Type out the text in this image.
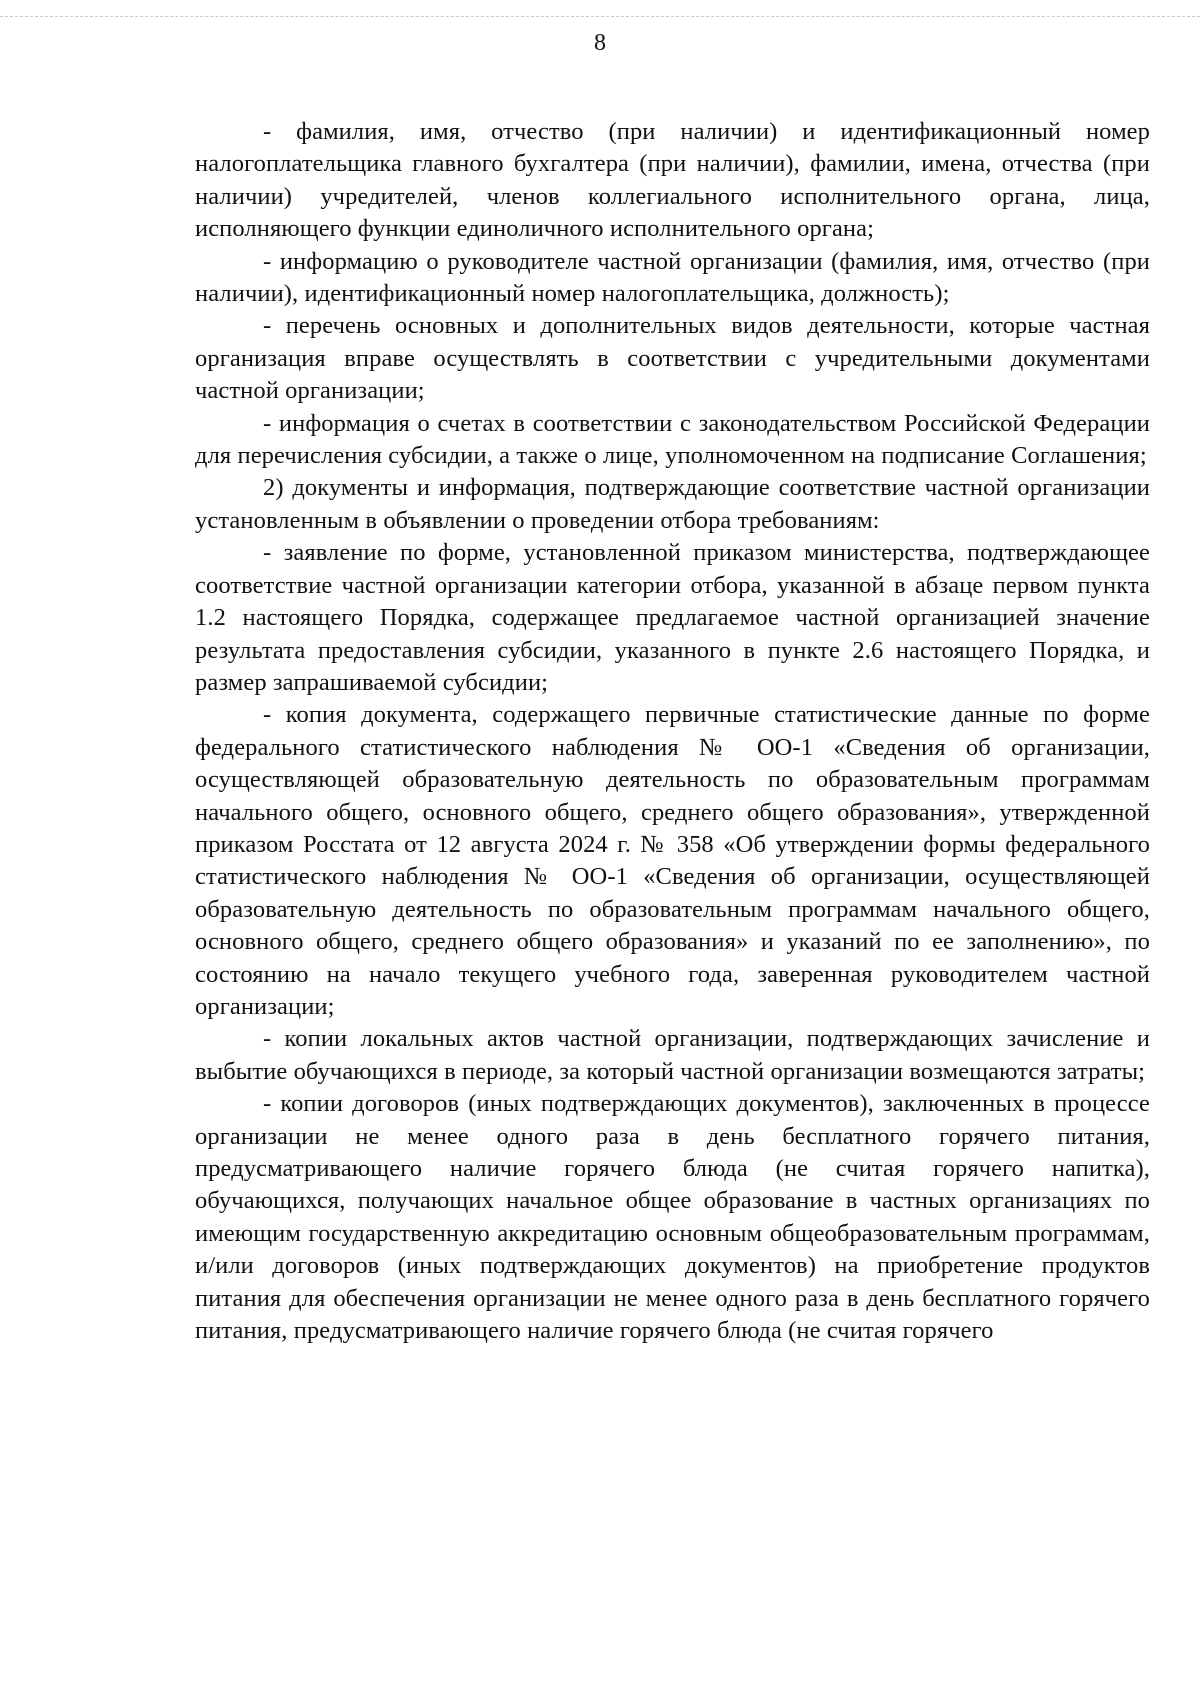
8

- фамилия, имя, отчество (при наличии) и идентификационный номер налогоплательщика главного бухгалтера (при наличии), фамилии, имена, отчества (при наличии) учредителей, членов коллегиального исполнительного органа, лица, исполняющего функции единоличного исполнительного органа;

- информацию о руководителе частной организации (фамилия, имя, отчество (при наличии), идентификационный номер налогоплательщика, должность);

- перечень основных и дополнительных видов деятельности, которые частная организация вправе осуществлять в соответствии с учредительными документами частной организации;

- информация о счетах в соответствии с законодательством Российской Федерации для перечисления субсидии, а также о лице, уполномоченном на подписание Соглашения;

2) документы и информация, подтверждающие соответствие частной организации установленным в объявлении о проведении отбора требованиям:

- заявление по форме, установленной приказом министерства, подтверждающее соответствие частной организации категории отбора, указанной в абзаце первом пункта 1.2 настоящего Порядка, содержащее предлагаемое частной организацией значение результата предоставления субсидии, указанного в пункте 2.6 настоящего Порядка, и размер запрашиваемой субсидии;

- копия документа, содержащего первичные статистические данные по форме федерального статистического наблюдения № ОО-1 «Сведения об организации, осуществляющей образовательную деятельность по образовательным программам начального общего, основного общего, среднего общего образования», утвержденной приказом Росстата от 12 августа 2024 г. № 358 «Об утверждении формы федерального статистического наблюдения № ОО-1 «Сведения об организации, осуществляющей образовательную деятельность по образовательным программам начального общего, основного общего, среднего общего образования» и указаний по ее заполнению», по состоянию на начало текущего учебного года, заверенная руководителем частной организации;

- копии локальных актов частной организации, подтверждающих зачисление и выбытие обучающихся в периоде, за который частной организации возмещаются затраты;

- копии договоров (иных подтверждающих документов), заключенных в процессе организации не менее одного раза в день бесплатного горячего питания, предусматривающего наличие горячего блюда (не считая горячего напитка), обучающихся, получающих начальное общее образование в частных организациях по имеющим государственную аккредитацию основным общеобразовательным программам, и/или договоров (иных подтверждающих документов) на приобретение продуктов питания для обеспечения организации не менее одного раза в день бесплатного горячего питания, предусматривающего наличие горячего блюда (не считая горячего
